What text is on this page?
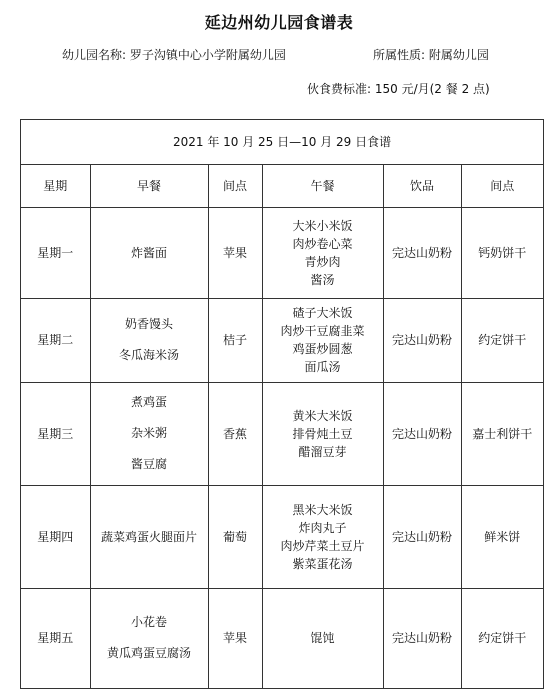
延边州幼儿园食谱表
幼儿园名称: 罗子沟镇中心小学附属幼儿园	所属性质: 附属幼儿园
伙食费标准: 150 元/月(2 餐 2 点)
2021 年 10 月 25 日—10 月 29 日食谱					
星期	早餐	间点	午餐	饮品	间点
星期一	炸酱面	苹果	大米小米饭
肉炒卷心菜
青炒肉
酱汤	完达山奶粉	钙奶饼干
星期二	奶香馒头
冬瓜海米汤	桔子	碴子大米饭
肉炒干豆腐韭菜
鸡蛋炒圆葱
面瓜汤	完达山奶粉	约定饼干
星期三	煮鸡蛋
杂米粥
酱豆腐	香蕉	黄米大米饭
排骨炖土豆
醋溜豆芽	完达山奶粉	嘉士利饼干
星期四	蔬菜鸡蛋火腿面片	葡萄	黑米大米饭
炸肉丸子
肉炒芹菜土豆片
紫菜蛋花汤	完达山奶粉	鲜米饼
星期五	小花卷
黄瓜鸡蛋豆腐汤	苹果	馄饨	完达山奶粉	约定饼干
